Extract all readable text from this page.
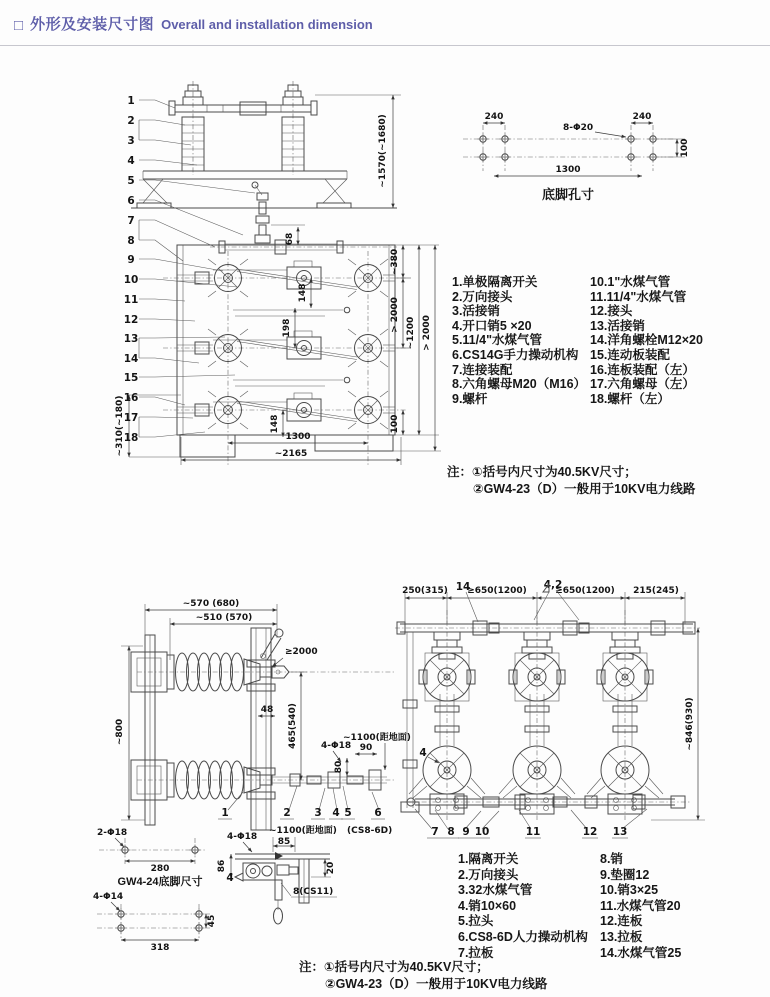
□ 外形及安装尺寸图 Overall and installation dimension
68
~1570(~1680)
148
198
148
~380
> 2000
100
~1200 > 2000
1300
~2165
~310(~180)
1
2
3
4
5
6
7
8
9
10
11
12
13
14
15
16
17
18
240	240
8-Φ20
1300
100
底脚孔寸
1.单极隔离开关
2.万向接头
3.活接销
4.开口销5 ×20
5.11/4"水煤气管
6.CS14G手力操动机构
7.连接装配
8.六角螺母M20（M16）
9.螺杆
10.1"水煤气管
11.11/4"水煤气管
12.接头
13.活接销
14.洋角螺栓M12×20
15.连动板装配
16.连板装配（左）
17.六角螺母（左）
18.螺杆（左）
注：①括号内尺寸为40.5KV尺寸；
②GW4-23（D）一般用于10KV电力线路
~570 (680)
~510 (570)
~800
≥2000
48 465(540)	4-Φ18 90
80
~1100(距地面)
1	2 3 4 5 6
250(315) ≥650(1200)	≥650(1200) 215(245)
14	4,2
~846(930)
4
7 8 9 10	11	12 13
2-Φ18
280
GW4-24底脚尺寸
4-Φ14
318
45
4-Φ18
~1100(距地面) (CS8-6D)
85
86	20
4
8(CS11)
1.隔离开关
2.万向接头
3.32水煤气管
4.销10×60
5.拉头
6.CS8-6D人力操动机构
7.拉板
8.销
9.垫圈12
10.销3×25
11.水煤气管20
12.连板
13.拉板
14.水煤气管25
注：①括号内尺寸为40.5KV尺寸；
②GW4-23（D）一般用于10KV电力线路
